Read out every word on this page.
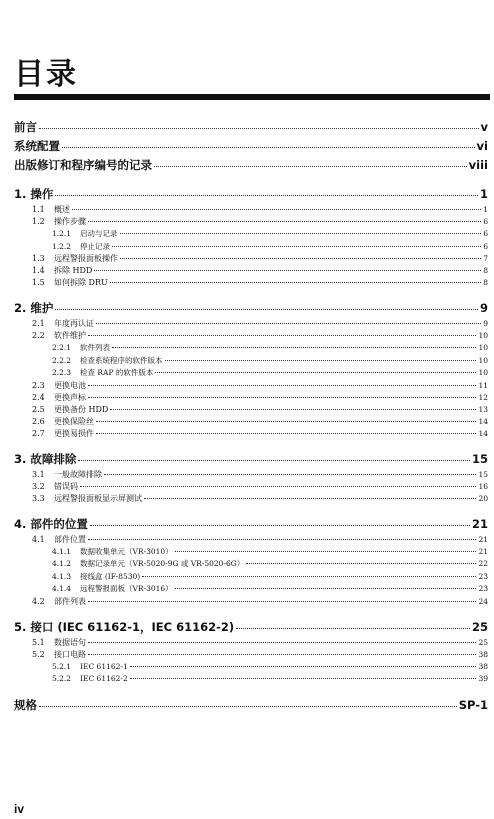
目录
前言	v
系统配置	vi
出版修订和程序编号的记录	viii
1. 操作	1
1.1 概述	1
1.2 操作步骤	6
1.2.1 启动与记录	6
1.2.2 停止记录	6
1.3 远程警报面板操作	7
1.4 拆除 HDD	8
1.5 如何拆除 DRU	8
2. 维护	9
2.1 年度再认证	9
2.2 软件维护	10
2.2.1 软件列表	10
2.2.2 检查系统程序的软件版本	10
2.2.3 检查 RAP 的软件版本	10
2.3 更换电池	11
2.4 更换声标	12
2.5 更换备份 HDD	13
2.6 更换保险丝	14
2.7 更换易损件	14
3. 故障排除	15
3.1 一般故障排除	15
3.2 错误码	16
3.3 远程警报面板显示屏测试	20
4. 部件的位置	21
4.1 部件位置	21
4.1.1 数据收集单元（VR-3010）	21
4.1.2 数据记录单元（VR-5020-9G 或 VR-5020-6G）	22
4.1.3 接线盒 (IF-8530)	23
4.1.4 远程警报面板（VR-3016）	23
4.2 部件列表	24
5. 接口 (IEC 61162-1，IEC 61162-2)	25
5.1 数据语句	25
5.2 接口电路	38
5.2.1 IEC 61162-1	38
5.2.2 IEC 61162-2	39
规格	SP-1
iv
